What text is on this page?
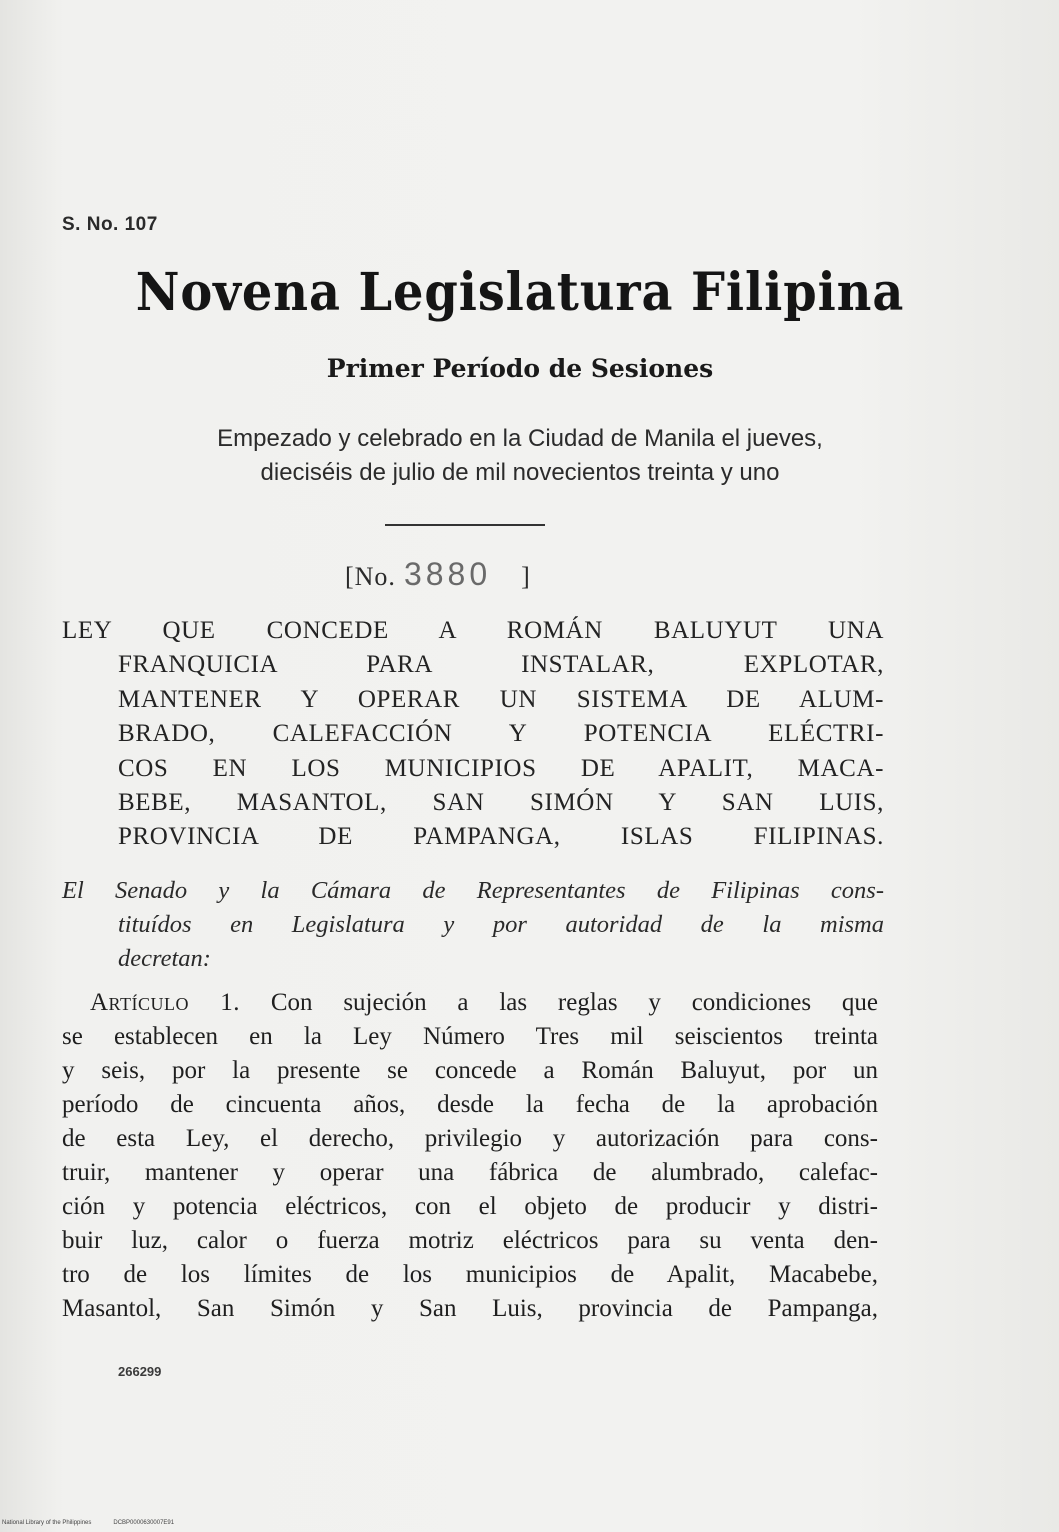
S. No. 107
Novena Legislatura Filipina
Primer Período de Sesiones
Empezado y celebrado en la Ciudad de Manila el jueves,
dieciséis de julio de mil novecientos treinta y uno
[No. 3880 ]
LEY QUE CONCEDE A ROMÁN BALUYUT UNA
FRANQUICIA PARA INSTALAR, EXPLOTAR,
MANTENER Y OPERAR UN SISTEMA DE ALUM-
BRADO, CALEFACCIÓN Y POTENCIA ELÉCTRI-
COS EN LOS MUNICIPIOS DE APALIT, MACA-
BEBE, MASANTOL, SAN SIMÓN Y SAN LUIS,
PROVINCIA DE PAMPANGA, ISLAS FILIPINAS.
El Senado y la Cámara de Representantes de Filipinas cons-
tituídos en Legislatura y por autoridad de la misma
decretan:
Artículo 1. Con sujeción a las reglas y condiciones que
se establecen en la Ley Número Tres mil seiscientos treinta
y seis, por la presente se concede a Román Baluyut, por un
período de cincuenta años, desde la fecha de la aprobación
de esta Ley, el derecho, privilegio y autorización para cons-
truir, mantener y operar una fábrica de alumbrado, calefac-
ción y potencia eléctricos, con el objeto de producir y distri-
buir luz, calor o fuerza motriz eléctricos para su venta den-
tro de los límites de los municipios de Apalit, Macabebe,
Masantol, San Simón y San Luis, provincia de Pampanga,
266299
National Library of the Philippines	DCBP0000630007E91
